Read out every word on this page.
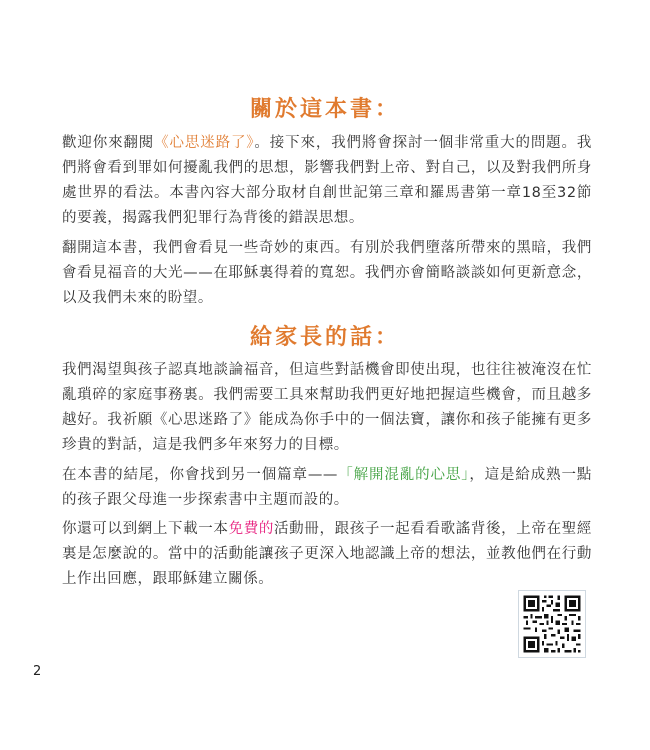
關於這本書：

歡迎你來翻閱《心思迷路了》。接下來，我們將會探討一個非常重大的問題。我們將會看到罪如何擾亂我們的思想，影響我們對上帝、對自己，以及對我們所身處世界的看法。本書內容大部分取材自創世記第三章和羅馬書第一章18至32節的要義，揭露我們犯罪行為背後的錯誤思想。

翻開這本書，我們會看見一些奇妙的東西。有別於我們墮落所帶來的黑暗，我們會看見福音的大光——在耶穌裏得着的寬恕。我們亦會簡略談談如何更新意念，以及我們未來的盼望。

給家長的話：

我們渴望與孩子認真地談論福音，但這些對話機會即使出現，也往往被淹沒在忙亂瑣碎的家庭事務裏。我們需要工具來幫助我們更好地把握這些機會，而且越多越好。我祈願《心思迷路了》能成為你手中的一個法寶，讓你和孩子能擁有更多珍貴的對話，這是我們多年來努力的目標。

在本書的結尾，你會找到另一個篇章——「解開混亂的心思」，這是給成熟一點的孩子跟父母進一步探索書中主題而設的。

你還可以到網上下載一本免費的活動冊，跟孩子一起看看歌謠背後，上帝在聖經裏是怎麼說的。當中的活動能讓孩子更深入地認識上帝的想法，並教他們在行動上作出回應，跟耶穌建立關係。

2
